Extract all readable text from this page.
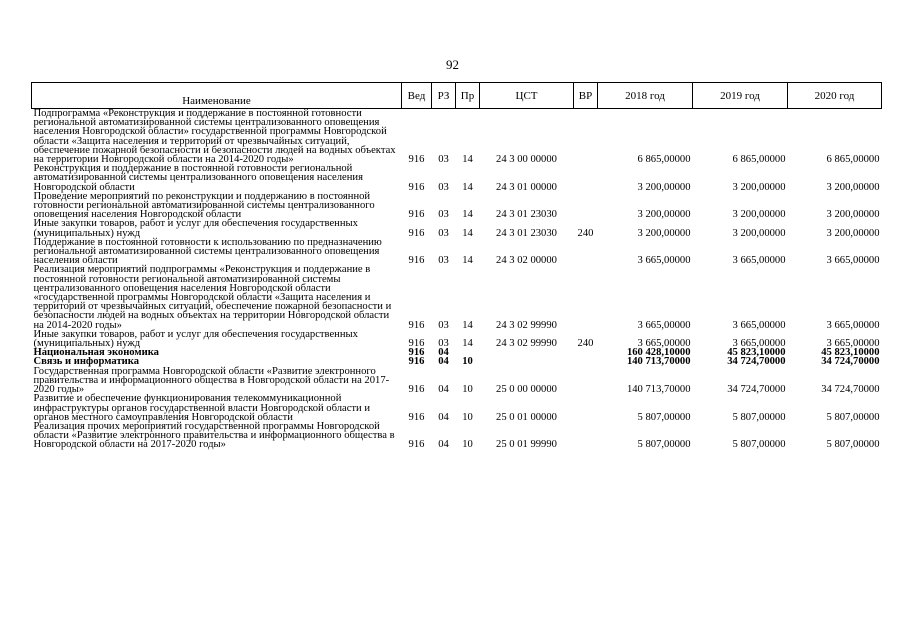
92
Наименование	Вед	РЗ	Пр	ЦСТ	ВР	2018 год	2019 год	2020 год
Подпрограмма «Реконструкция и поддержание в постоянной готовности региональной автоматизированной системы централизованного оповещения населения Новгородской области» государственной программы Новгородской области «Защита населения и территорий от чрезвычайных ситуаций, обеспечение пожарной безопасности и безопасности людей на водных объектах на территории Новгородской области на 2014-2020 годы»	916	03	14	24 3 00 00000		6 865,00000	6 865,00000	6 865,00000
Реконструкция и поддержание в постоянной готовности региональной автоматизированной системы централизованного оповещения населения Новгородской области	916	03	14	24 3 01 00000		3 200,00000	3 200,00000	3 200,00000
Проведение мероприятий по реконструкции и поддержанию в постоянной готовности региональной автоматизированной системы централизованного оповещения населения Новгородской области	916	03	14	24 3 01 23030		3 200,00000	3 200,00000	3 200,00000
Иные закупки товаров, работ и услуг для обеспечения государственных (муниципальных) нужд	916	03	14	24 3 01 23030	240	3 200,00000	3 200,00000	3 200,00000
Поддержание в постоянной готовности к использованию по предназначению региональной автоматизированной системы централизованного оповещения населения области	916	03	14	24 3 02 00000		3 665,00000	3 665,00000	3 665,00000
Реализация мероприятий подпрограммы «Реконструкция и поддержание в постоянной готовности региональной автоматизированной системы централизованного оповещения населения Новгородской области «государственной программы Новгородской области «Защита населения и территорий от чрезвычайных ситуаций, обеспечение пожарной безопасности и безопасности людей на водных объектах на территории Новгородской области на 2014-2020 годы»	916	03	14	24 3 02 99990		3 665,00000	3 665,00000	3 665,00000
Иные закупки товаров, работ и услуг для обеспечения государственных (муниципальных) нужд	916	03	14	24 3 02 99990	240	3 665,00000	3 665,00000	3 665,00000
Национальная экономика	916	04				160 428,10000	45 823,10000	45 823,10000
Связь и информатика	916	04	10			140 713,70000	34 724,70000	34 724,70000
Государственная программа Новгородской области «Развитие электронного правительства и информационного общества в Новгородской области на 2017-2020 годы»	916	04	10	25 0 00 00000		140 713,70000	34 724,70000	34 724,70000
Развитие и обеспечение функционирования телекоммуникационной инфраструктуры органов государственной власти Новгородской области и органов местного самоуправления Новгородской области	916	04	10	25 0 01 00000		5 807,00000	5 807,00000	5 807,00000
Реализация прочих мероприятий государственной программы Новгородской области «Развитие электронного правительства и информационного общества в Новгородской области на 2017-2020 годы»	916	04	10	25 0 01 99990		5 807,00000	5 807,00000	5 807,00000
